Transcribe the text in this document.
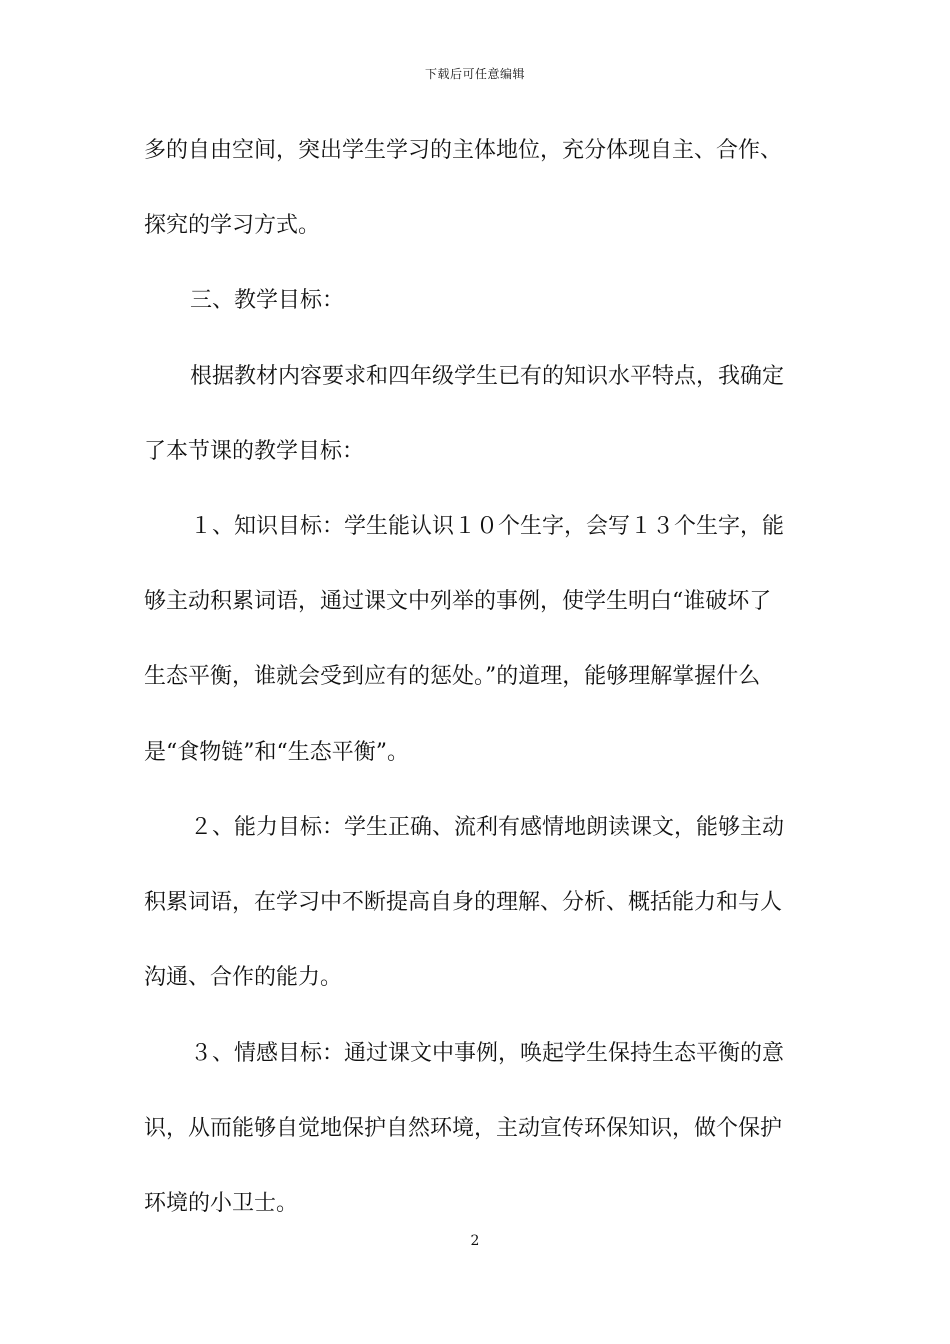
下载后可任意编辑
多的自由空间，突出学生学习的主体地位，充分体现自主、合作、
探究的学习方式。
三、教学目标：
根据教材内容要求和四年级学生已有的知识水平特点，我确定
了本节课的教学目标：
１、知识目标：学生能认识１０个生字，会写１３个生字，能
够主动积累词语，通过课文中列举的事例，使学生明白“谁破坏了
生态平衡，谁就会受到应有的惩处。”的道理，能够理解掌握什么
是“食物链”和“生态平衡”。
２、能力目标：学生正确、流利有感情地朗读课文，能够主动
积累词语，在学习中不断提高自身的理解、分析、概括能力和与人
沟通、合作的能力。
３、情感目标：通过课文中事例，唤起学生保持生态平衡的意
识，从而能够自觉地保护自然环境，主动宣传环保知识，做个保护
环境的小卫士。
2
